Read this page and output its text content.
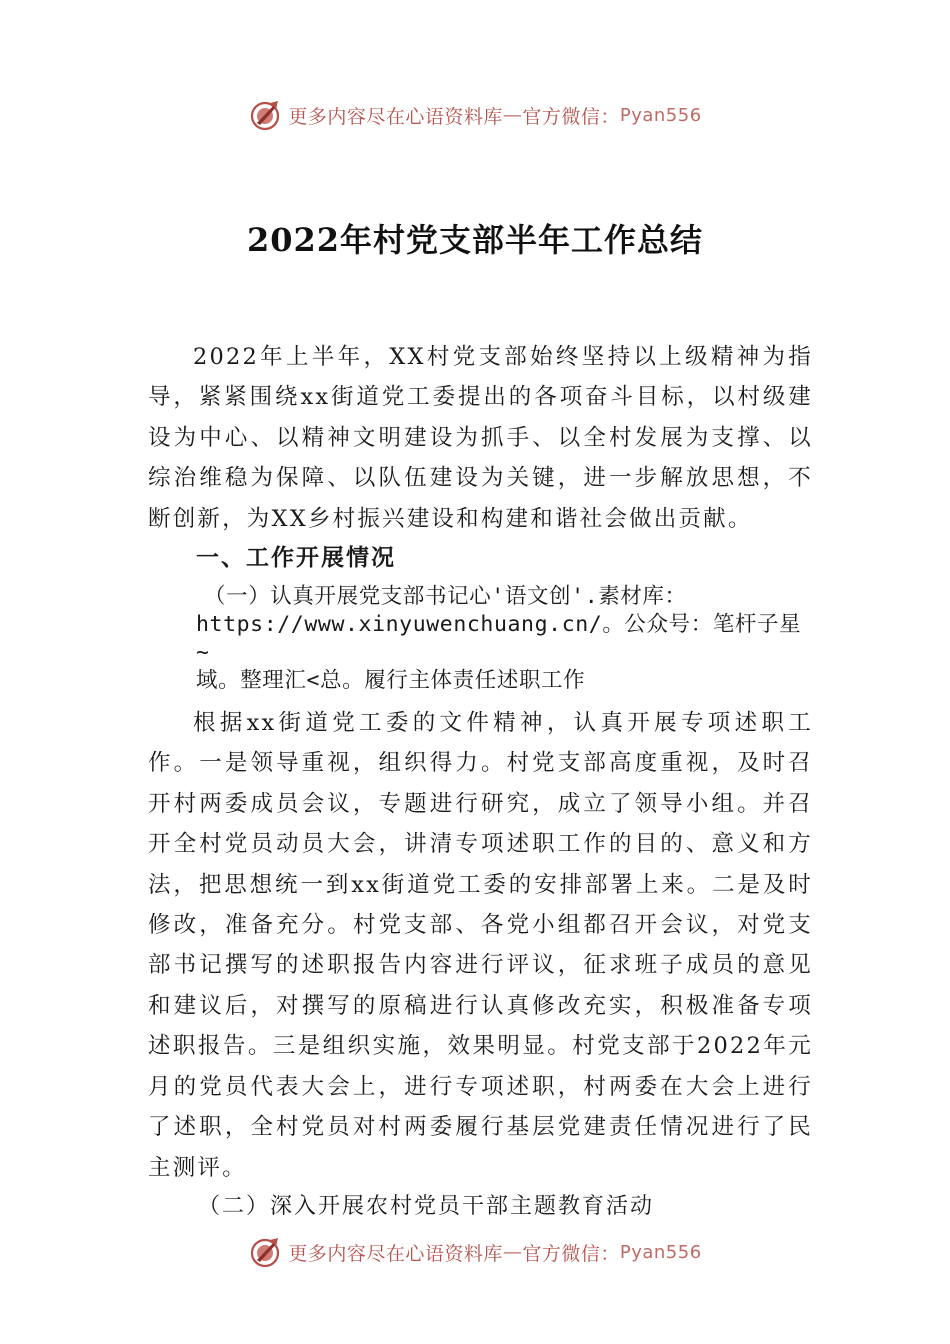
更多内容尽在心语资料库 — 官方微信： Pyan556
2022年村党支部半年工作总结

2022年上半年，XX村党支部始终坚持以上级精神为指导，紧紧围绕xx街道党工委提出的各项奋斗目标，以村级建设为中心、以精神文明建设为抓手、以全村发展为支撑、以综治维稳为保障、以队伍建设为关键，进一步解放思想，不断创新，为XX乡村振兴建设和构建和谐社会做出贡献。

一、工作开展情况

（一）认真开展党支部书记心'语文创'.素材库：
https://www.xinyuwenchuang.cn/。公众号：笔杆子星~
域。整理汇<总。履行主体责任述职工作

根据xx街道党工委的文件精神，认真开展专项述职工作。一是领导重视，组织得力。村党支部高度重视，及时召开村两委成员会议，专题进行研究，成立了领导小组。并召开全村党员动员大会，讲清专项述职工作的目的、意义和方法，把思想统一到xx街道党工委的安排部署上来。二是及时修改，准备充分。村党支部、各党小组都召开会议，对党支部书记撰写的述职报告内容进行评议，征求班子成员的意见和建议后，对撰写的原稿进行认真修改充实，积极准备专项述职报告。三是组织实施，效果明显。村党支部于2022年元月的党员代表大会上，进行专项述职，村两委在大会上进行了述职，全村党员对村两委履行基层党建责任情况进行了民主测评。

（二）深入开展农村党员干部主题教育活动

更多内容尽在心语资料库 — 官方微信： Pyan556
